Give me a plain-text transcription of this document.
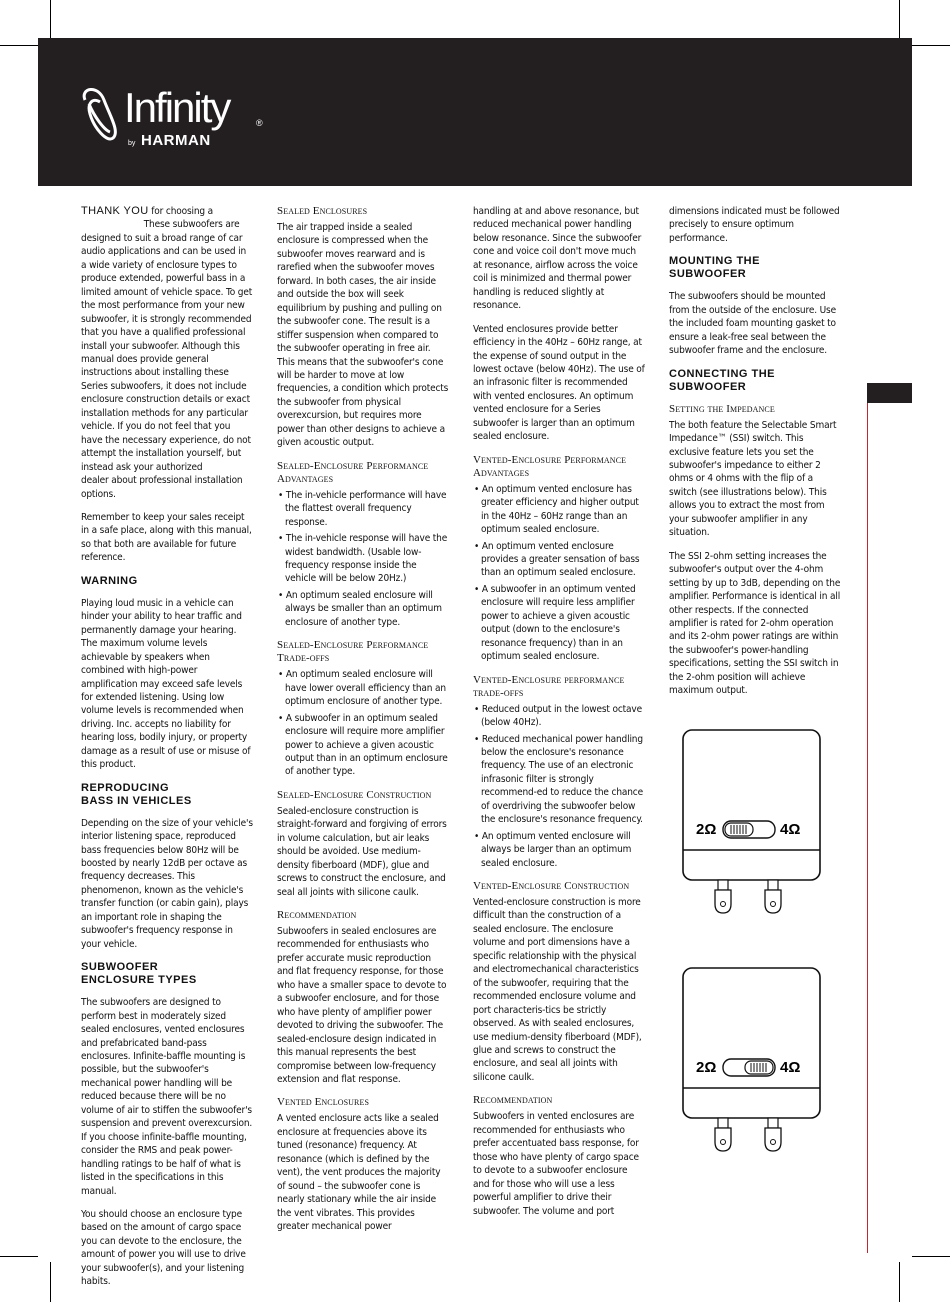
Infinity	®
by HARMAN

THANK YOU for choosing a  These subwoofers are designed to suit a broad range of car audio applications and can be used in a wide variety of enclosure types to produce extended, powerful bass in a limited amount of vehicle space. To get the most performance from your new subwoofer, it is strongly recommended that you have a qualified professional install your subwoofer. Although this manual does provide general instructions about installing these Series subwoofers, it does not include enclosure construction details or exact installation methods for any particular vehicle. If you do not feel that you have the necessary experience, do not attempt the installation yourself, but instead ask your authorized  dealer about professional installation options.

Remember to keep your sales receipt in a safe place, along with this manual, so that both are available for future reference.

WARNING

Playing loud music in a vehicle can hinder your ability to hear traffic and permanently damage your hearing. The maximum volume levels achievable by speakers when combined with high-power amplification may exceed safe levels for extended listening. Using low volume levels is recommended when driving. Inc. accepts no liability for hearing loss, bodily injury, or property damage as a result of use or misuse of this product.

REPRODUCING
BASS IN VEHICLES

Depending on the size of your vehicle's interior listening space, reproduced bass frequencies below 80Hz will be boosted by nearly 12dB per octave as frequency decreases. This phenomenon, known as the vehicle's transfer function (or cabin gain), plays an important role in shaping the subwoofer's frequency response in your vehicle.

SUBWOOFER
ENCLOSURE TYPES

The subwoofers are designed to perform best in moderately sized sealed enclosures, vented enclosures and prefabricated band-pass enclosures. Infinite-baffle mounting is possible, but the subwoofer's mechanical power handling will be reduced because there will be no volume of air to stiffen the subwoofer's suspension and prevent overexcursion. If you choose infinite-baffle mounting, consider the RMS and peak power-handling ratings to be half of what is listed in the specifications in this manual.

You should choose an enclosure type based on the amount of cargo space you can devote to the enclosure, the amount of power you will use to drive your subwoofer(s), and your listening habits.

Sealed Enclosures

The air trapped inside a sealed enclosure is compressed when the subwoofer moves rearward and is rarefied when the subwoofer moves forward. In both cases, the air inside and outside the box will seek equilibrium by pushing and pulling on the subwoofer cone. The result is a stiffer suspension when compared to the subwoofer operating in free air. This means that the subwoofer's cone will be harder to move at low frequencies, a condition which protects the subwoofer from physical overexcursion, but requires more power than other designs to achieve a given acoustic output.

Sealed-Enclosure Performance Advantages
• The in-vehicle performance will have the flattest overall frequency response.
• The in-vehicle response will have the widest bandwidth. (Usable low-frequency response inside the vehicle will be below 20Hz.)
• An optimum sealed enclosure will always be smaller than an optimum enclosure of another type.
Sealed-Enclosure Performance Trade-offs
• An optimum sealed enclosure will have lower overall efficiency than an optimum enclosure of another type.
• A subwoofer in an optimum sealed enclosure will require more amplifier power to achieve a given acoustic output than in an optimum enclosure of another type.
Sealed-Enclosure Construction

Sealed-enclosure construction is straight-forward and forgiving of errors in volume calculation, but air leaks should be avoided. Use medium-density fiberboard (MDF), glue and screws to construct the enclosure, and seal all joints with silicone caulk.

Recommendation

Subwoofers in sealed enclosures are recommended for enthusiasts who prefer accurate music reproduction and flat frequency response, for those who have a smaller space to devote to a subwoofer enclosure, and for those who have plenty of amplifier power devoted to driving the subwoofer. The sealed-enclosure design indicated in this manual represents the best compromise between low-frequency extension and flat response.

Vented Enclosures

A vented enclosure acts like a sealed enclosure at frequencies above its tuned (resonance) frequency. At resonance (which is defined by the vent), the vent produces the majority of sound – the subwoofer cone is nearly stationary while the air inside the vent vibrates. This provides greater mechanical power

handling at and above resonance, but reduced mechanical power handling below resonance. Since the subwoofer cone and voice coil don't move much at resonance, airflow across the voice coil is minimized and thermal power handling is reduced slightly at resonance.

Vented enclosures provide better efficiency in the 40Hz – 60Hz range, at the expense of sound output in the lowest octave (below 40Hz). The use of an infrasonic filter is recommended with vented enclosures. An optimum vented enclosure for a Series subwoofer is larger than an optimum sealed enclosure.

Vented-Enclosure Performance Advantages
• An optimum vented enclosure has greater efficiency and higher output in the 40Hz – 60Hz range than an optimum sealed enclosure.
• An optimum vented enclosure provides a greater sensation of bass than an optimum sealed enclosure.
• A subwoofer in an optimum vented enclosure will require less amplifier power to achieve a given acoustic output (down to the enclosure's resonance frequency) than in an optimum sealed enclosure.
Vented-Enclosure performance trade-offs
• Reduced output in the lowest octave (below 40Hz).
• Reduced mechanical power handling below the enclosure's resonance frequency. The use of an electronic infrasonic filter is strongly recommend-ed to reduce the chance of overdriving the subwoofer below the enclosure's resonance frequency.
• An optimum vented enclosure will always be larger than an optimum sealed enclosure.
Vented-Enclosure Construction

Vented-enclosure construction is more difficult than the construction of a sealed enclosure. The enclosure volume and port dimensions have a specific relationship with the physical and electromechanical characteristics of the subwoofer, requiring that the recommended enclosure volume and port characteris-tics be strictly observed. As with sealed enclosures, use medium-density fiberboard (MDF), glue and screws to construct the enclosure, and seal all joints with silicone caulk.

Recommendation

Subwoofers in vented enclosures are recommended for enthusiasts who prefer accentuated bass response, for those who have plenty of cargo space to devote to a subwoofer enclosure and for those who will use a less powerful amplifier to drive their subwoofer. The volume and port

dimensions indicated must be followed precisely to ensure optimum performance.

MOUNTING THE
SUBWOOFER

The subwoofers should be mounted from the outside of the enclosure. Use the included foam mounting gasket to ensure a leak-free seal between the subwoofer frame and the enclosure.

CONNECTING THE
SUBWOOFER
Setting the Impedance

The both feature the Selectable Smart Impedance™ (SSI) switch. This exclusive feature lets you set the subwoofer's impedance to either 2 ohms or 4 ohms with the flip of a switch (see illustrations below). This allows you to extract the most from your subwoofer amplifier in any situation.

The SSI 2-ohm setting increases the subwoofer's output over the 4-ohm setting by up to 3dB, depending on the amplifier. Performance is identical in all other respects. If the connected amplifier is rated for 2-ohm operation and its 2-ohm power ratings are within the subwoofer's power-handling specifications, setting the SSI switch in the 2-ohm position will achieve maximum output.

2Ω	4Ω
2Ω	4Ω
